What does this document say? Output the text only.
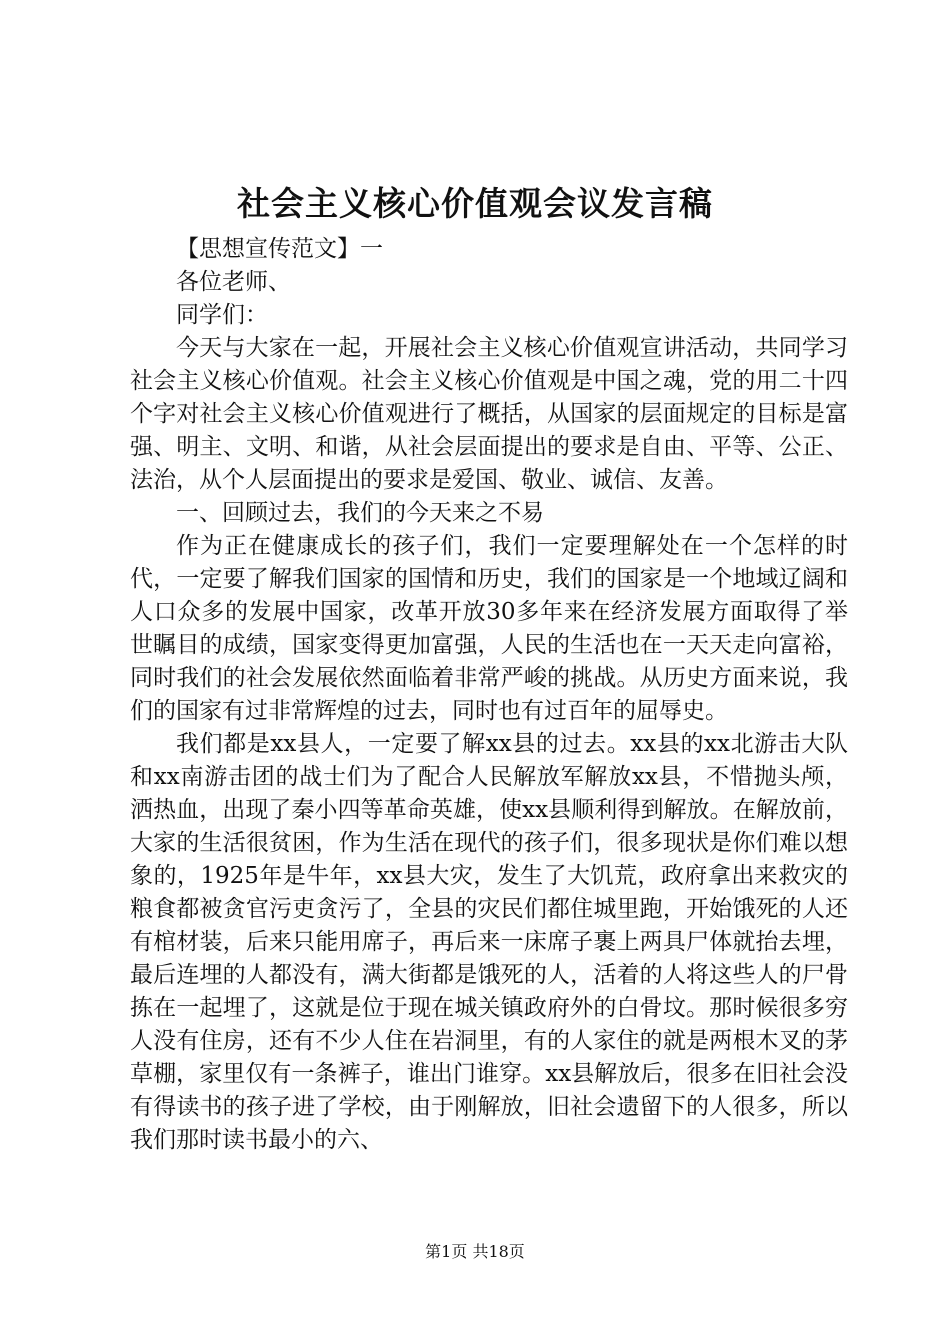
社会主义核心价值观会议发言稿

【思想宣传范文】一

各位老师、

同学们：

今天与大家在一起，开展社会主义核心价值观宣讲活动，共同学习社会主义核心价值观。社会主义核心价值观是中国之魂，党的用二十四个字对社会主义核心价值观进行了概括，从国家的层面规定的目标是富强、明主、文明、和谐，从社会层面提出的要求是自由、平等、公正、法治，从个人层面提出的要求是爱国、敬业、诚信、友善。

一、回顾过去，我们的今天来之不易

作为正在健康成长的孩子们，我们一定要理解处在一个怎样的时代，一定要了解我们国家的国情和历史，我们的国家是一个地域辽阔和人口众多的发展中国家，改革开放30多年来在经济发展方面取得了举世瞩目的成绩，国家变得更加富强，人民的生活也在一天天走向富裕，同时我们的社会发展依然面临着非常严峻的挑战。从历史方面来说，我们的国家有过非常辉煌的过去，同时也有过百年的屈辱史。

我们都是xx县人，一定要了解xx县的过去。xx县的xx北游击大队和xx南游击团的战士们为了配合人民解放军解放xx县，不惜抛头颅，洒热血，出现了秦小四等革命英雄，使xx县顺利得到解放。在解放前，大家的生活很贫困，作为生活在现代的孩子们，很多现状是你们难以想象的，1925年是牛年，xx县大灾，发生了大饥荒，政府拿出来救灾的粮食都被贪官污吏贪污了，全县的灾民们都住城里跑，开始饿死的人还有棺材装，后来只能用席子，再后来一床席子裹上两具尸体就抬去埋，最后连埋的人都没有，满大街都是饿死的人，活着的人将这些人的尸骨拣在一起埋了，这就是位于现在城关镇政府外的白骨坟。那时候很多穷人没有住房，还有不少人住在岩洞里，有的人家住的就是两根木叉的茅草棚，家里仅有一条裤子，谁出门谁穿。xx县解放后，很多在旧社会没有得读书的孩子进了学校，由于刚解放，旧社会遗留下的人很多，所以我们那时读书最小的六、

第1页 共18页
